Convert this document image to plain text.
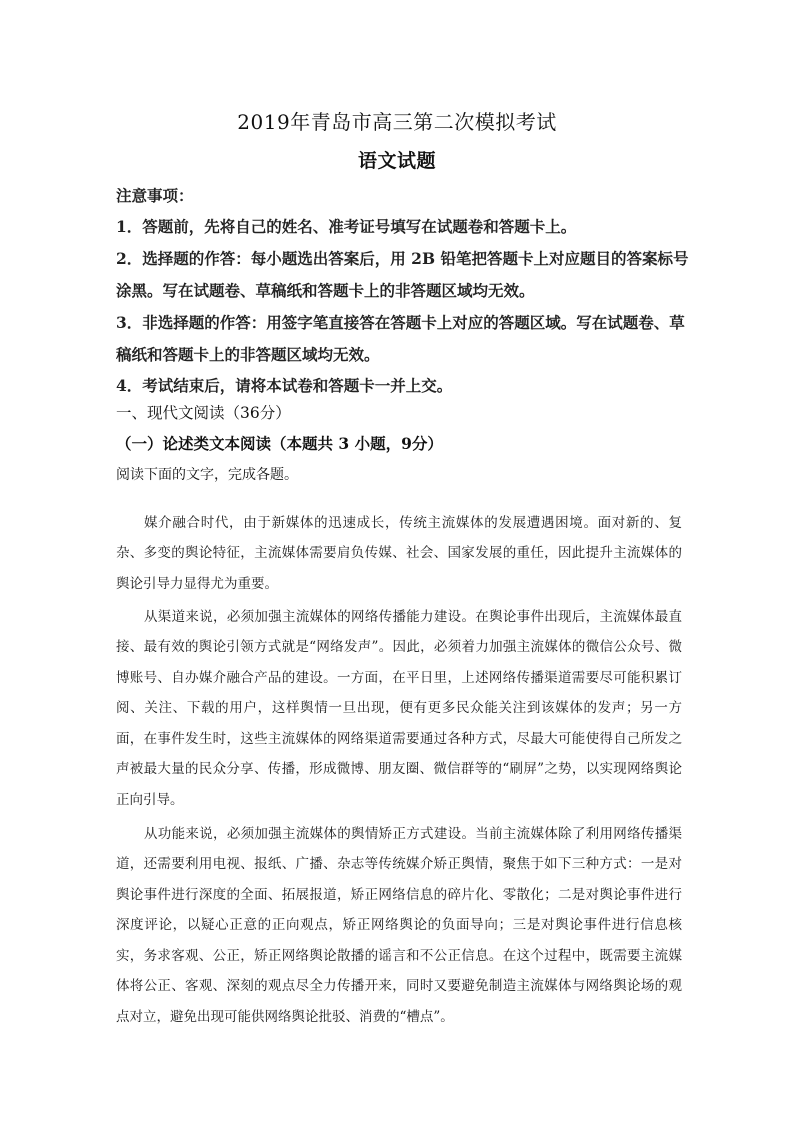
2019年青岛市高三第二次模拟考试
语文试题
注意事项：
1．答题前，先将自己的姓名、准考证号填写在试题卷和答题卡上。
2．选择题的作答：每小题选出答案后，用 2B 铅笔把答题卡上对应题目的答案标号涂黑。写在试题卷、草稿纸和答题卡上的非答题区域均无效。
3．非选择题的作答：用签字笔直接答在答题卡上对应的答题区域。写在试题卷、草稿纸和答题卡上的非答题区域均无效。
4．考试结束后，请将本试卷和答题卡一并上交。
一、现代文阅读（36分）
（一）论述类文本阅读（本题共 3 小题，9分）
阅读下面的文字，完成各题。

媒介融合时代，由于新媒体的迅速成长，传统主流媒体的发展遭遇困境。面对新的、复杂、多变的舆论特征，主流媒体需要肩负传媒、社会、国家发展的重任，因此提升主流媒体的舆论引导力显得尤为重要。

从渠道来说，必须加强主流媒体的网络传播能力建设。在舆论事件出现后，主流媒体最直接、最有效的舆论引领方式就是“网络发声”。因此，必须着力加强主流媒体的微信公众号、微博账号、自办媒介融合产品的建设。一方面，在平日里，上述网络传播渠道需要尽可能积累订阅、关注、下载的用户，这样舆情一旦出现，便有更多民众能关注到该媒体的发声；另一方面，在事件发生时，这些主流媒体的网络渠道需要通过各种方式，尽最大可能使得自己所发之声被最大量的民众分享、传播，形成微博、朋友圈、微信群等的“刷屏”之势，以实现网络舆论正向引导。

从功能来说，必须加强主流媒体的舆情矫正方式建设。当前主流媒体除了利用网络传播渠道，还需要利用电视、报纸、广播、杂志等传统媒介矫正舆情，聚焦于如下三种方式：一是对舆论事件进行深度的全面、拓展报道，矫正网络信息的碎片化、零散化；二是对舆论事件进行深度评论，以疑心正意的正向观点，矫正网络舆论的负面导向；三是对舆论事件进行信息核实，务求客观、公正，矫正网络舆论散播的谣言和不公正信息。在这个过程中，既需要主流媒体将公正、客观、深刻的观点尽全力传播开来，同时又要避免制造主流媒体与网络舆论场的观点对立，避免出现可能供网络舆论批驳、消费的“槽点”。
